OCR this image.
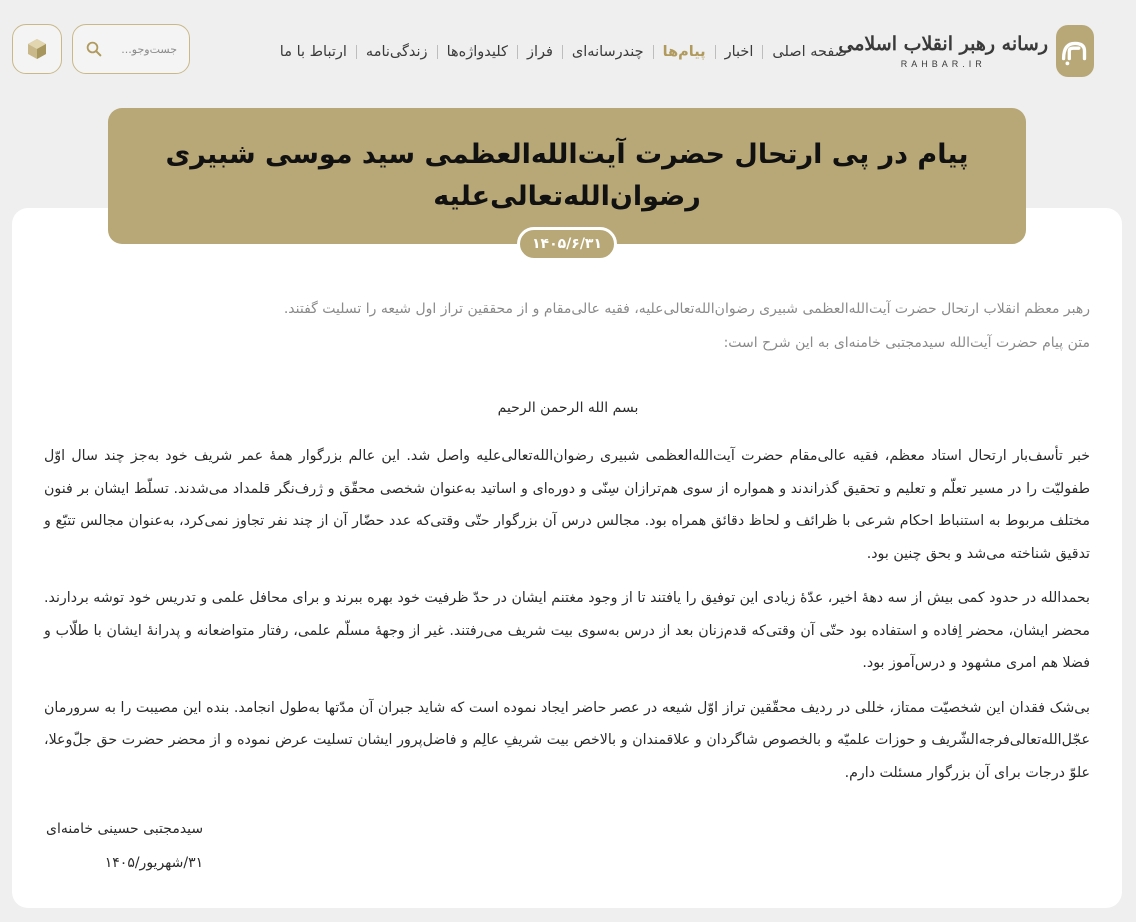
رسانه رهبر انقلاب اسلامی
RAHBAR.IR
صفحه اصلی
اخبار
پیام‌ها
چندرسانه‌ای
فراز
کلیدواژه‌ها
زندگی‌نامه
ارتباط با ما
جست‌وجو...
پیام در پی ارتحال حضرت آیت‌الله‌العظمی سید موسی شبیری
رضوان‌الله‌تعالی‌علیه
۱۴۰۵/۶/۳۱
رهبر معظم انقلاب ارتحال حضرت آیت‌الله‌العظمی شبیری رضوان‌الله‌تعالی‌علیه، فقیه عالی‌مقام و از محققین تراز اول شیعه را تسلیت گفتند.
متن پیام حضرت آیت‌الله سیدمجتبی خامنه‌ای به این شرح است:
بسم الله الرحمن الرحیم

خبر تأسف‌بار ارتحال استاد معظم، فقیه عالی‌مقام حضرت آیت‌الله‌العظمی شبیری رضوان‌الله‌تعالی‌علیه واصل شد. این عالم بزرگوار همهٔ عمر شریف خود به‌جز چند سال اوّل طفولیّت را در مسیر تعلّم و تعلیم و تحقیق گذراندند و همواره از سوی هم‌ترازان سِنّی و دوره‌ای و اساتید به‌عنوان شخصی محقّق و ژرف‌نگر قلمداد می‌شدند. تسلّط ایشان بر فنون مختلف مربوط به استنباط احکام شرعی با ظرائف و لحاظ دقائق همراه بود. مجالس درس آن بزرگوار حتّی وقتی‌که عدد حضّار آن از چند نفر تجاوز نمی‌کرد، به‌عنوان مجالس تتبّع و تدقیق شناخته می‌شد و بحق چنین بود.

بحمدالله در حدود کمی بیش از سه دههٔ اخیر، عدّهٔ زیادی این توفیق را یافتند تا از وجود مغتنم ایشان در حدّ ظرفیت خود بهره ببرند و برای محافل علمی و تدریس خود توشه بردارند. محضر ایشان، محضر اِفاده و استفاده بود حتّی آن وقتی‌که قدم‌زنان بعد از درس به‌سوی بیت شریف می‌رفتند. غیر از وجههٔ مسلّم علمی، رفتار متواضعانه و پدرانهٔ ایشان با طلّاب و فضلا هم امری مشهود و درس‌آموز بود.

بی‌شک فقدان این شخصیّت ممتاز، خللی در ردیف محقّقین تراز اوّل شیعه در عصر حاضر ایجاد نموده است که شاید جبران آن مدّتها به‌طول انجامد. بنده این مصیبت را به سرورمان عجّل‌الله‌تعالی‌فرجه‌الشّریف و حوزات علمیّه و بالخصوص شاگردان و علاقمندان و بالاخص بیت شریفِ عالِم و فاضل‌پرور ایشان تسلیت عرض نموده و از محضر حضرت حق جلّ‌وعلا، علوّ درجات برای آن بزرگوار مسئلت دارم.

سیدمجتبی حسینی خامنه‌ای
۳۱/شهریور/۱۴۰۵
